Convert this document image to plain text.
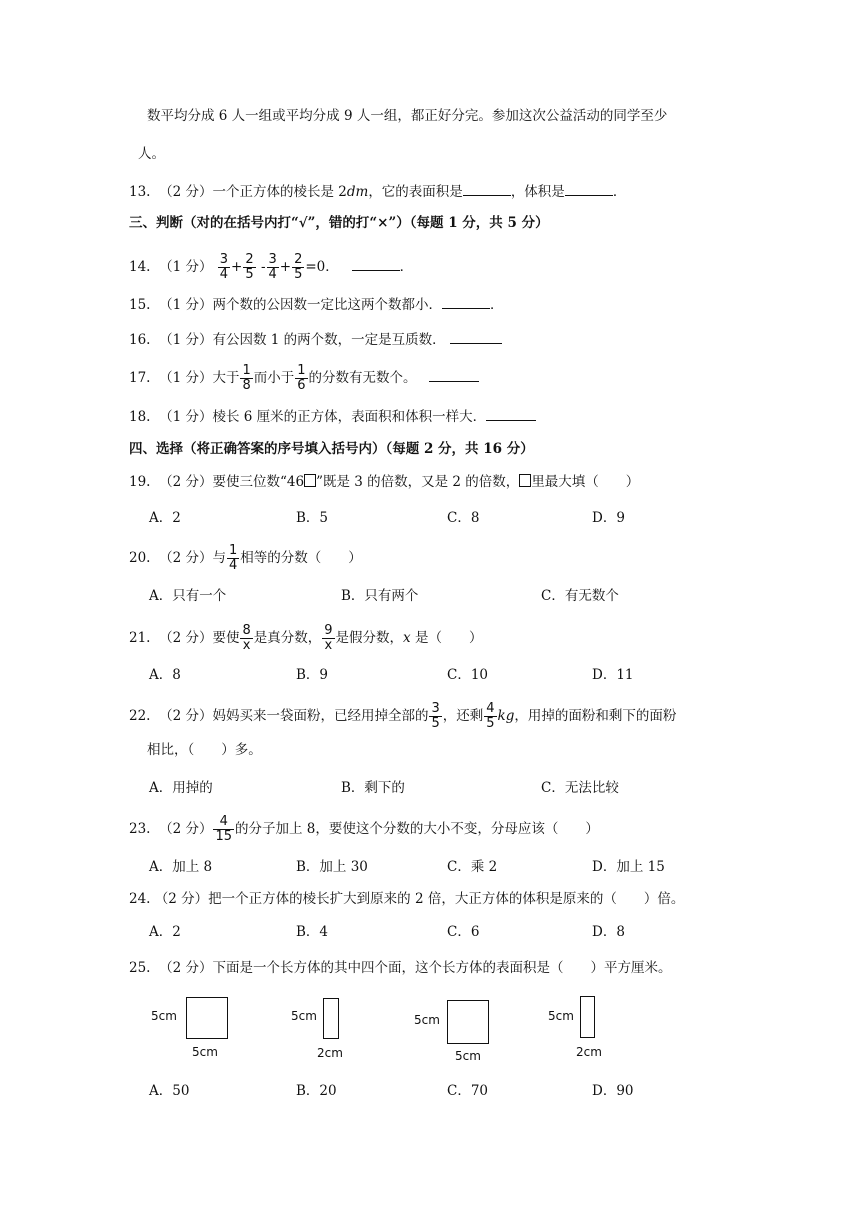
数平均分成 6 人一组或平均分成 9 人一组，都正好分完。参加这次公益活动的同学至少
人。
13. （2 分）一个正方体的棱长是 2dm，它的表面积是	，体积是	．
三、判断（对的在括号内打“√”，错的打“×”）（每题 1 分，共 5 分）
14. （1 分） $\frac{3}{4} + \frac{2}{5} - \frac{3}{4} + \frac{2}{5} =0$．	．
15. （1 分）两个数的公因数一定比这两个数都小．	．
16. （1 分）有公因数 1 的两个数，一定是互质数．
17. （1 分）大于 $\frac{1}{8}$ 而小于 $\frac{1}{6}$ 的分数有无数个。
18. （1 分）棱长 6 厘米的正方体，表面积和体积一样大．
四、选择（将正确答案的序号填入括号内）（每题 2 分，共 16 分）
19. （2 分）要使三位数“46 ”既是 3 的倍数，又是 2 的倍数， 里最大填（　　）
A．2	B．5	C．8	D．9
20. （2 分）与 $\frac{1}{4}$ 相等的分数（　　）
A．只有一个	B．只有两个	C．有无数个
21. （2 分）要使 $\frac{8}{x}$ 是真分数， $\frac{9}{x}$ 是假分数，x 是（　　）
A．8	B．9	C．10	D．11
22. （2 分）妈妈买来一袋面粉，已经用掉全部的 $\frac{3}{5}$ ，还剩 $\frac{4}{5}$ kg，用掉的面粉和剩下的面粉
相比，（　　）多。
A．用掉的	B．剩下的	C．无法比较
23. （2 分） $\frac{4}{15}$ 的分子加上 8，要使这个分数的大小不变，分母应该（　　）
A．加上 8	B．加上 30	C．乘 2	D．加上 15
24. （2 分）把一个正方体的棱长扩大到原来的 2 倍，大正方体的体积是原来的（　　）倍。
A．2	B．4	C．6	D．8
25. （2 分）下面是一个长方体的其中四个面，这个长方体的表面积是（　　）平方厘米。
5cm
5cm
5cm
2cm
5cm
5cm
5cm
2cm
A．50	B．20	C．70	D．90
